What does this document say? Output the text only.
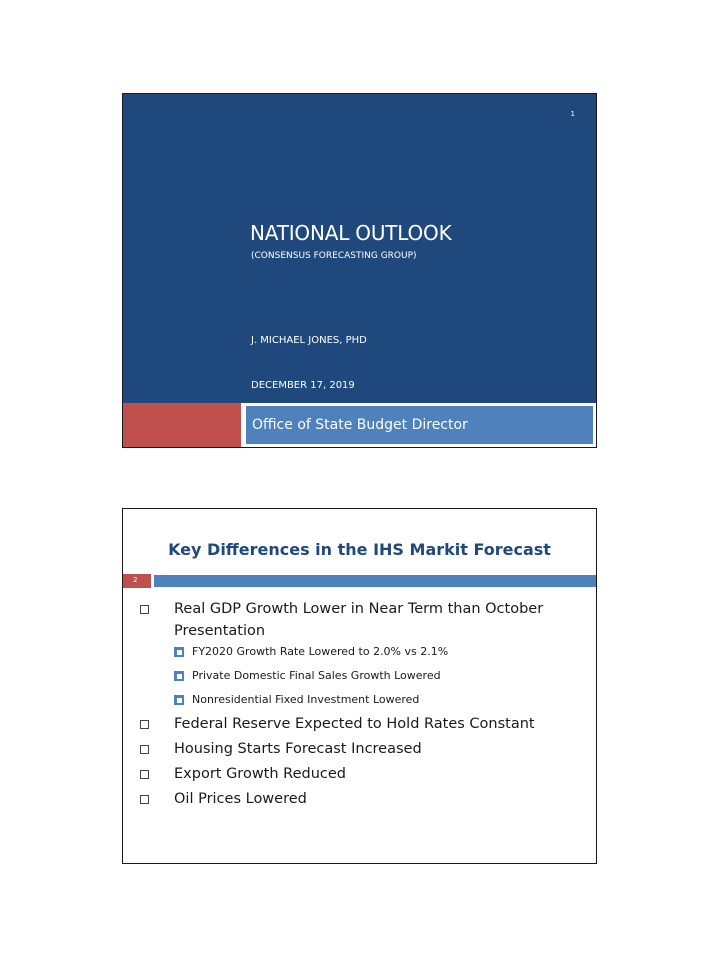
1
NATIONAL OUTLOOK
(CONSENSUS FORECASTING GROUP)
J. MICHAEL JONES, PHD
DECEMBER 17, 2019
Office of State Budget Director
Key Differences in the IHS Markit Forecast
2
Real GDP Growth Lower in Near Term than October Presentation
FY2020 Growth Rate Lowered to 2.0% vs 2.1%
Private Domestic Final Sales Growth Lowered
Nonresidential Fixed Investment Lowered
Federal Reserve Expected to Hold Rates Constant
Housing Starts Forecast Increased
Export Growth Reduced
Oil Prices Lowered
